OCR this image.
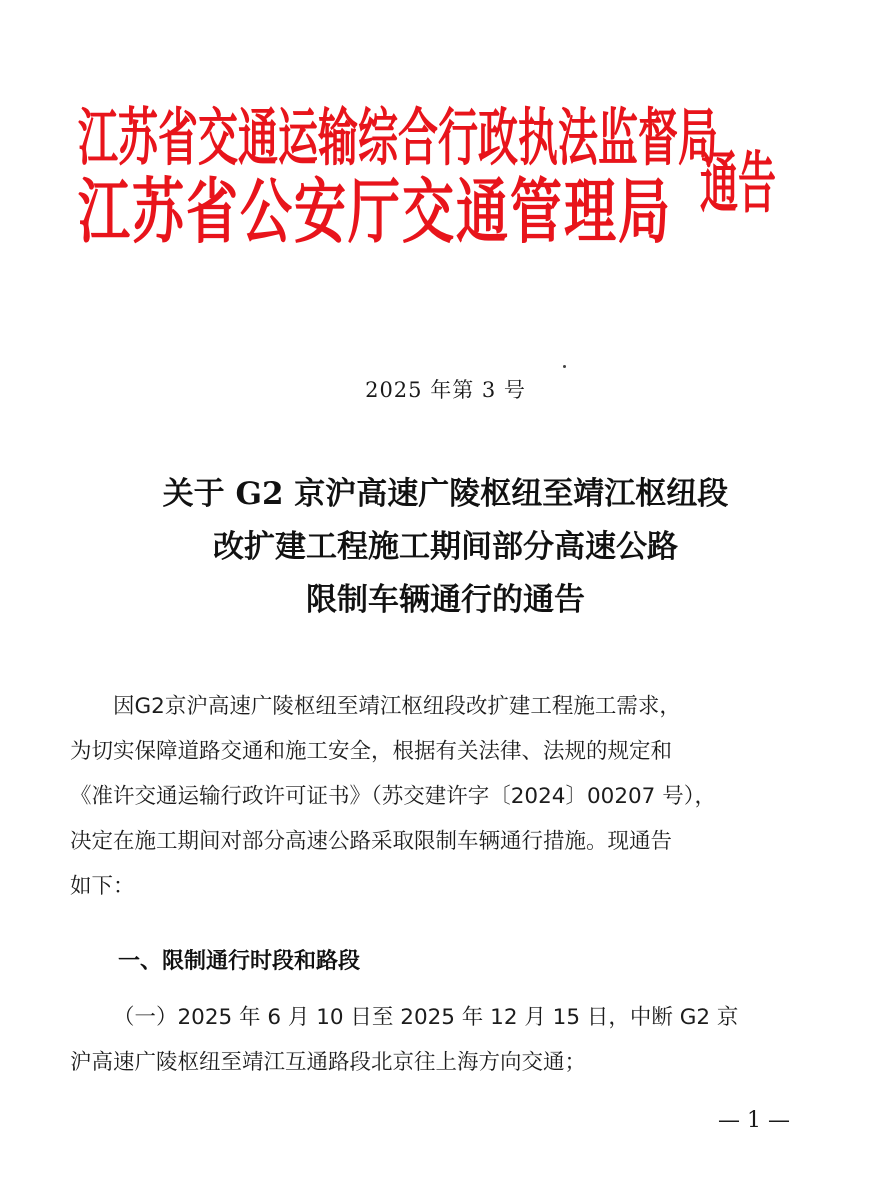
江苏省交通运输综合行政执法监督局
江苏省公安厅交通管理局 通告
2025 年第 3 号
关于 G2 京沪高速广陵枢纽至靖江枢纽段
改扩建工程施工期间部分高速公路
限制车辆通行的通告
因G2京沪高速广陵枢纽至靖江枢纽段改扩建工程施工需求，
为切实保障道路交通和施工安全，根据有关法律、法规的规定和
《准许交通运输行政许可证书》（苏交建许字〔2024〕00207 号），
决定在施工期间对部分高速公路采取限制车辆通行措施。现通告
如下：
一、限制通行时段和路段
（一）2025 年 6 月 10 日至 2025 年 12 月 15 日，中断 G2 京
沪高速广陵枢纽至靖江互通路段北京往上海方向交通；
— 1 —
